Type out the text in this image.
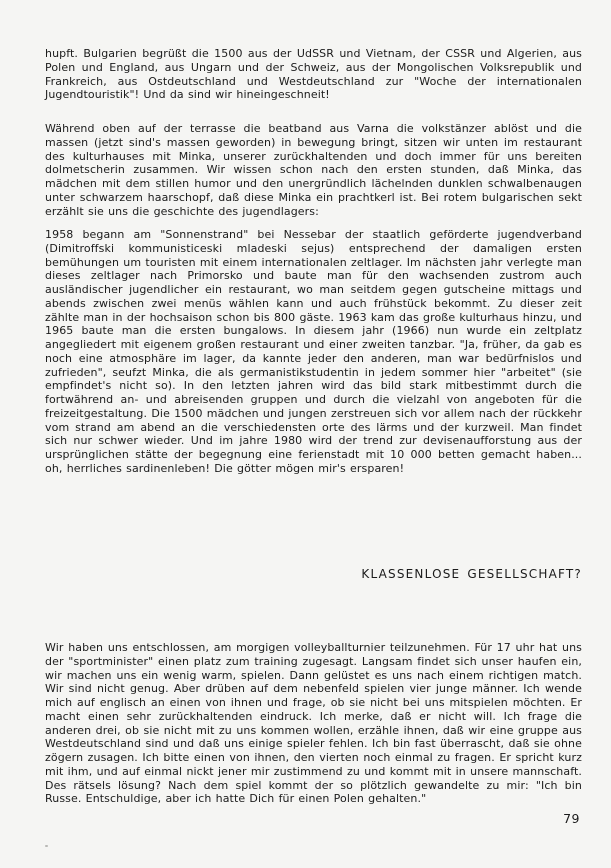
hupft. Bulgarien begrüßt die 1500 aus der UdSSR und Vietnam, der CSSR und Algerien, aus Polen und England, aus Ungarn und der Schweiz, aus der Mongolischen Volksrepublik und Frankreich, aus Ostdeutschland und Westdeutschland zur "Woche der internationalen Jugendtouristik"! Und da sind wir hineingeschneit!

Während oben auf der terrasse die beatband aus Varna die volkstänzer ablöst und die massen (jetzt sind's massen geworden) in bewegung bringt, sitzen wir unten im restaurant des kulturhauses mit Minka, unserer zurückhaltenden und doch immer für uns bereiten dolmetscherin zusammen. Wir wissen schon nach den ersten stunden, daß Minka, das mädchen mit dem stillen humor und den unergründlich lächelnden dunklen schwalbenaugen unter schwarzem haarschopf, daß diese Minka ein prachtkerl ist. Bei rotem bulgarischen sekt erzählt sie uns die geschichte des jugendlagers:

1958 begann am "Sonnenstrand" bei Nessebar der staatlich geförderte jugendverband (Dimitroffski kommunisticeski mladeski sejus) entsprechend der damaligen ersten bemühungen um touristen mit einem internationalen zeltlager. Im nächsten jahr verlegte man dieses zeltlager nach Primorsko und baute man für den wachsenden zustrom auch ausländischer jugendlicher ein restaurant, wo man seitdem gegen gutscheine mittags und abends zwischen zwei menüs wählen kann und auch frühstück bekommt. Zu dieser zeit zählte man in der hochsaison schon bis 800 gäste. 1963 kam das große kulturhaus hinzu, und 1965 baute man die ersten bungalows. In diesem jahr (1966) nun wurde ein zeltplatz angegliedert mit eigenem großen restaurant und einer zweiten tanzbar. "Ja, früher, da gab es noch eine atmosphäre im lager, da kannte jeder den anderen, man war bedürfnislos und zufrieden", seufzt Minka, die als germanistikstudentin in jedem sommer hier "arbeitet" (sie empfindet's nicht so). In den letzten jahren wird das bild stark mitbestimmt durch die fortwährend an- und abreisenden gruppen und durch die vielzahl von angeboten für die freizeitgestaltung. Die 1500 mädchen und jungen zerstreuen sich vor allem nach der rückkehr vom strand am abend an die verschiedensten orte des lärms und der kurzweil. Man findet sich nur schwer wieder. Und im jahre 1980 wird der trend zur devisenaufforstung aus der ursprünglichen stätte der begegnung eine ferienstadt mit 10 000 betten gemacht haben... oh, herrliches sardinenleben! Die götter mögen mir's ersparen!

KLASSENLOSE GESELLSCHAFT?

Wir haben uns entschlossen, am morgigen volleyballturnier teilzunehmen. Für 17 uhr hat uns der "sportminister" einen platz zum training zugesagt. Langsam findet sich unser haufen ein, wir machen uns ein wenig warm, spielen. Dann gelüstet es uns nach einem richtigen match. Wir sind nicht genug. Aber drüben auf dem nebenfeld spielen vier junge männer. Ich wende mich auf englisch an einen von ihnen und frage, ob sie nicht bei uns mitspielen möchten. Er macht einen sehr zurückhaltenden eindruck. Ich merke, daß er nicht will. Ich frage die anderen drei, ob sie nicht mit zu uns kommen wollen, erzähle ihnen, daß wir eine gruppe aus Westdeutschland sind und daß uns einige spieler fehlen. Ich bin fast überrascht, daß sie ohne zögern zusagen. Ich bitte einen von ihnen, den vierten noch einmal zu fragen. Er spricht kurz mit ihm, und auf einmal nickt jener mir zustimmend zu und kommt mit in unsere mannschaft. Des rätsels lösung? Nach dem spiel kommt der so plötzlich gewandelte zu mir: "Ich bin Russe. Entschuldige, aber ich hatte Dich für einen Polen gehalten."

79
